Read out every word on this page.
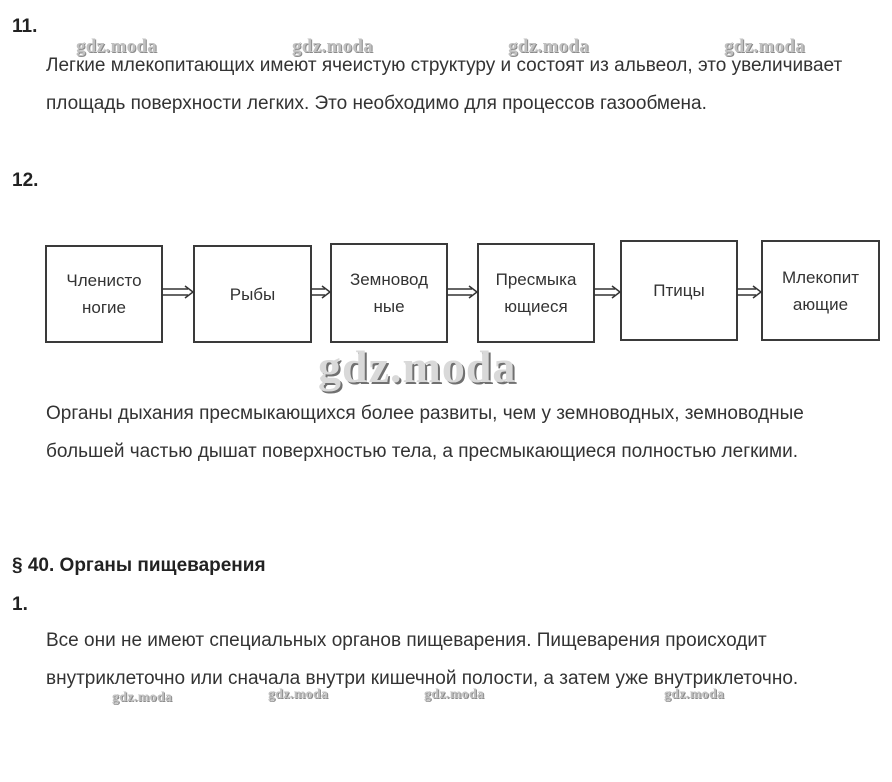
11.
gdz.moda	gdz.moda	gdz.moda	gdz.moda

Легкие млекопитающих имеют ячеистую структуру и состоят из альвеол, это увеличивает площадь поверхности легких. Это необходимо для процессов газообмена.

12.
Членисто ногие
Рыбы
Земновод ные
Пресмыка ющиеся
Птицы
Млекопит ающие
gdz.moda

Органы дыхания пресмыкающихся более развиты, чем у земноводных, земноводные большей частью дышат поверхностью тела, а пресмыкающиеся полностью легкими.

§ 40. Органы пищеварения
1.

Все они не имеют специальных органов пищеварения. Пищеварения происходит внутриклеточно или сначала внутри кишечной полости, а затем уже внутриклеточно.

gdz.moda	gdz.moda	gdz.moda	gdz.moda
